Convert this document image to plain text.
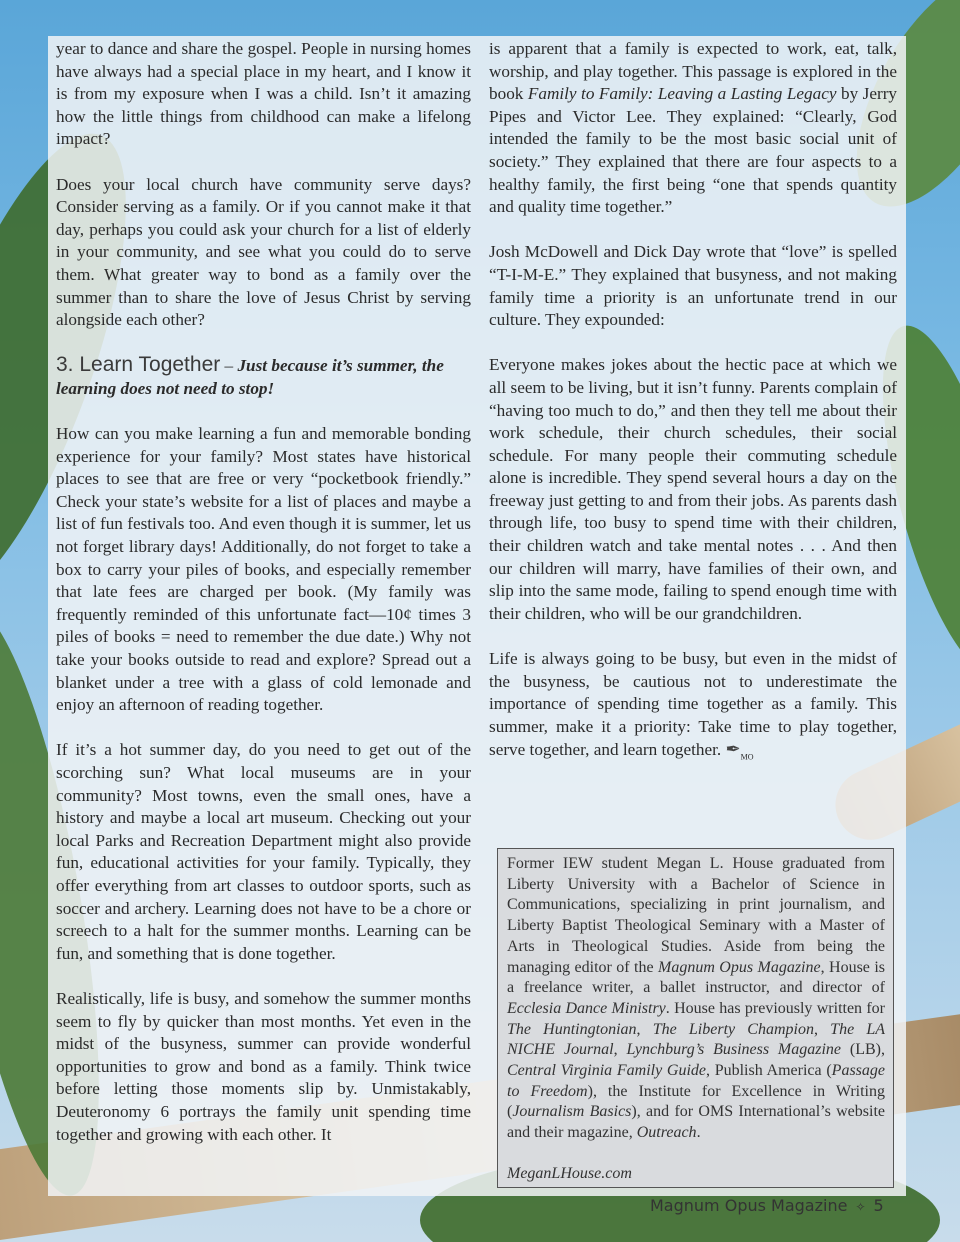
year to dance and share the gospel. People in nursing homes have always had a special place in my heart, and I know it is from my exposure when I was a child. Isn’t it amazing how the little things from childhood can make a lifelong impact?

Does your local church have community serve days? Consider serving as a family. Or if you cannot make it that day, perhaps you could ask your church for a list of elderly in your community, and see what you could do to serve them. What greater way to bond as a family over the summer than to share the love of Jesus Christ by serving alongside each other?

3. Learn Together – Just because it’s summer, the learning does not need to stop!

How can you make learning a fun and memorable bonding experience for your family? Most states have historical places to see that are free or very “pocketbook friendly.” Check your state’s website for a list of places and maybe a list of fun festivals too. And even though it is summer, let us not forget library days! Additionally, do not forget to take a box to carry your piles of books, and especially remember that late fees are charged per book. (My family was frequently reminded of this unfortunate fact—10¢ times 3 piles of books = need to remember the due date.) Why not take your books outside to read and explore? Spread out a blanket under a tree with a glass of cold lemonade and enjoy an afternoon of reading together.

If it’s a hot summer day, do you need to get out of the scorching sun? What local museums are in your community? Most towns, even the small ones, have a history and maybe a local art museum. Checking out your local Parks and Recreation Department might also provide fun, educational activities for your family. Typically, they offer everything from art classes to outdoor sports, such as soccer and archery. Learning does not have to be a chore or screech to a halt for the summer months. Learning can be fun, and something that is done together.

Realistically, life is busy, and somehow the summer months seem to fly by quicker than most months. Yet even in the midst of the busyness, summer can provide wonderful opportunities to grow and bond as a family. Think twice before letting those moments slip by. Unmistakably, Deuteronomy 6 portrays the family unit spending time together and growing with each other. It

is apparent that a family is expected to work, eat, talk, worship, and play together. This passage is explored in the book Family to Family: Leaving a Lasting Legacy by Jerry Pipes and Victor Lee. They explained: “Clearly, God intended the family to be the most basic social unit of society.” They explained that there are four aspects to a healthy family, the first being “one that spends quantity and quality time together.”

Josh McDowell and Dick Day wrote that “love” is spelled “T-I-M-E.” They explained that busyness, and not making family time a priority is an unfortunate trend in our culture. They expounded:

Everyone makes jokes about the hectic pace at which we all seem to be living, but it isn’t funny. Parents complain of “having too much to do,” and then they tell me about their work schedule, their church schedules, their social schedule. For many people their commuting schedule alone is incredible. They spend several hours a day on the freeway just getting to and from their jobs. As parents dash through life, too busy to spend time with their children, their children watch and take mental notes . . . And then our children will marry, have families of their own, and slip into the same mode, failing to spend enough time with their children, who will be our grandchildren.

Life is always going to be busy, but even in the midst of the busyness, be cautious not to underestimate the importance of spending time together as a family. This summer, make it a priority: Take time to play together, serve together, and learn together. $✒_{MO}$

Former IEW student Megan L. House graduated from Liberty University with a Bachelor of Science in Communications, specializing in print journalism, and Liberty Baptist Theological Seminary with a Master of Arts in Theological Studies. Aside from being the managing editor of the Magnum Opus Magazine, House is a freelance writer, a ballet instructor, and director of Ecclesia Dance Ministry. House has previously written for The Huntingtonian, The Liberty Champion, The LA NICHE Journal, Lynchburg’s Business Magazine (LB), Central Virginia Family Guide, Publish America (Passage to Freedom), the Institute for Excellence in Writing (Journalism Basics), and for OMS International’s website and their magazine, Outreach.

MeganLHouse.com

Magnum Opus Magazine ✧ 5
